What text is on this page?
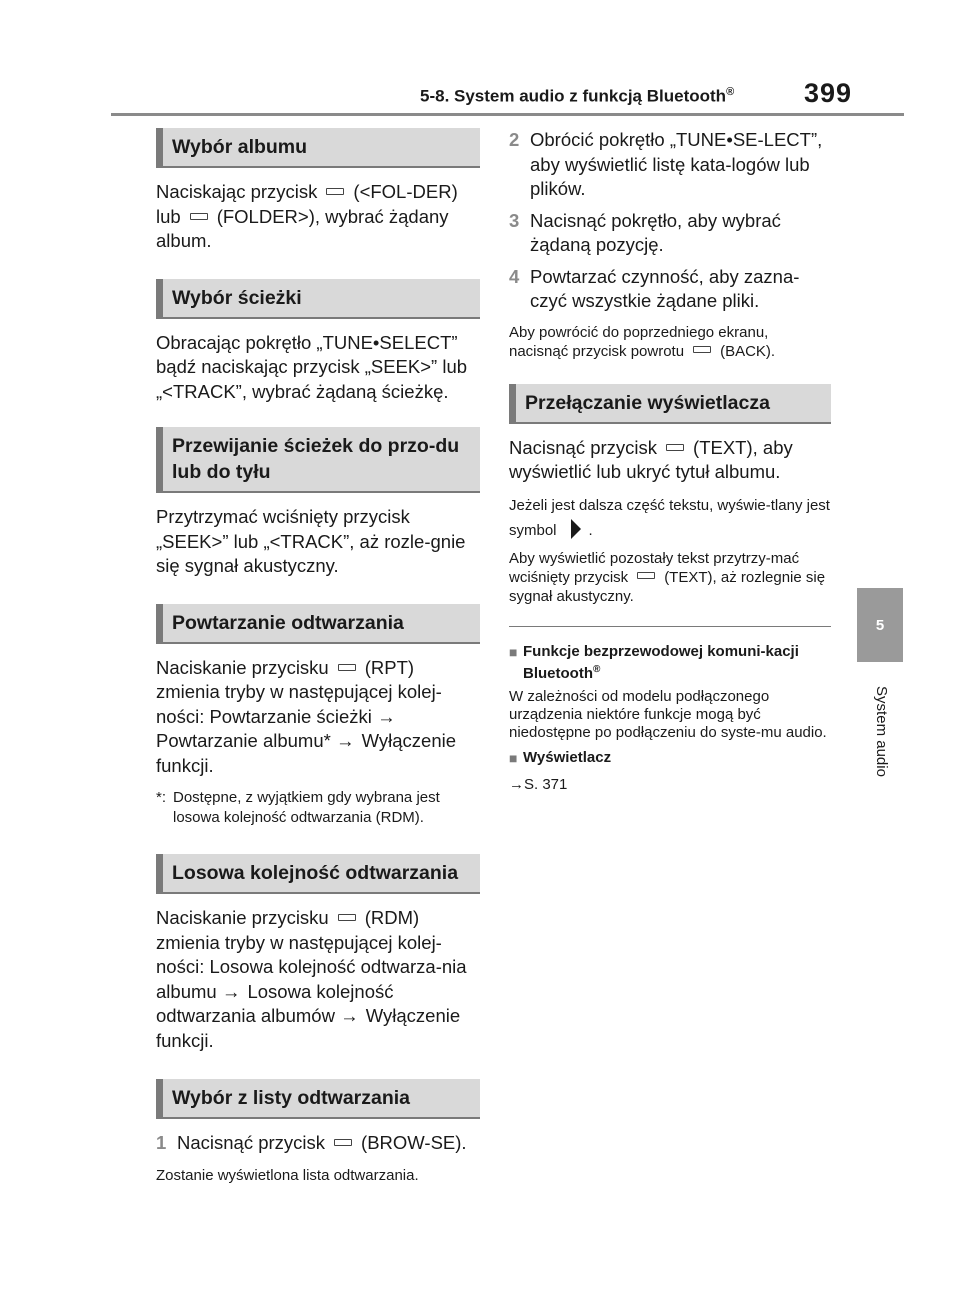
5-8. System audio z funkcją Bluetooth®	399
5
System audio
Wybór albumu

Naciskając przycisk (<FOL-DER) lub (FOLDER>), wybrać żądany album.

Wybór ścieżki

Obracając pokrętło „TUNE•SELECT” bądź naciskając przycisk „SEEK>” lub „<TRACK”, wybrać żądaną ścieżkę.

Przewijanie ścieżek do przo-du lub do tyłu

Przytrzymać wciśnięty przycisk „SEEK>” lub „<TRACK”, aż rozle-gnie się sygnał akustyczny.

Powtarzanie odtwarzania

Naciskanie przycisku (RPT) zmienia tryby w następującej kolej-ności: Powtarzanie ścieżki → Powtarzanie albumu* → Wyłączenie funkcji.

*: Dostępne, z wyjątkiem gdy wybrana jest losowa kolejność odtwarzania (RDM).
Losowa kolejność odtwarzania

Naciskanie przycisku (RDM) zmienia tryby w następującej kolej-ności: Losowa kolejność odtwarza-nia albumu → Losowa kolejność odtwarzania albumów → Wyłączenie funkcji.

Wybór z listy odtwarzania
1 Nacisnąć przycisk (BROW-SE).

Zostanie wyświetlona lista odtwarzania.

2 Obrócić pokrętło „TUNE•SE-LECT”, aby wyświetlić listę kata-logów lub plików.
3 Nacisnąć pokrętło, aby wybrać żądaną pozycję.
4 Powtarzać czynność, aby zazna-czyć wszystkie żądane pliki.

Aby powrócić do poprzedniego ekranu, nacisnąć przycisk powrotu (BACK).

Przełączanie wyświetlacza

Nacisnąć przycisk (TEXT), aby wyświetlić lub ukryć tytuł albumu.

Jeżeli jest dalsza część tekstu, wyświe-tlany jest symbol .

Aby wyświetlić pozostały tekst przytrzy-mać wciśnięty przycisk (TEXT), aż rozlegnie się sygnał akustyczny.

■ Funkcje bezprzewodowej komuni-kacji Bluetooth®

W zależności od modelu podłączonego urządzenia niektóre funkcje mogą być niedostępne po podłączeniu do syste-mu audio.

■ Wyświetlacz

→S. 371
